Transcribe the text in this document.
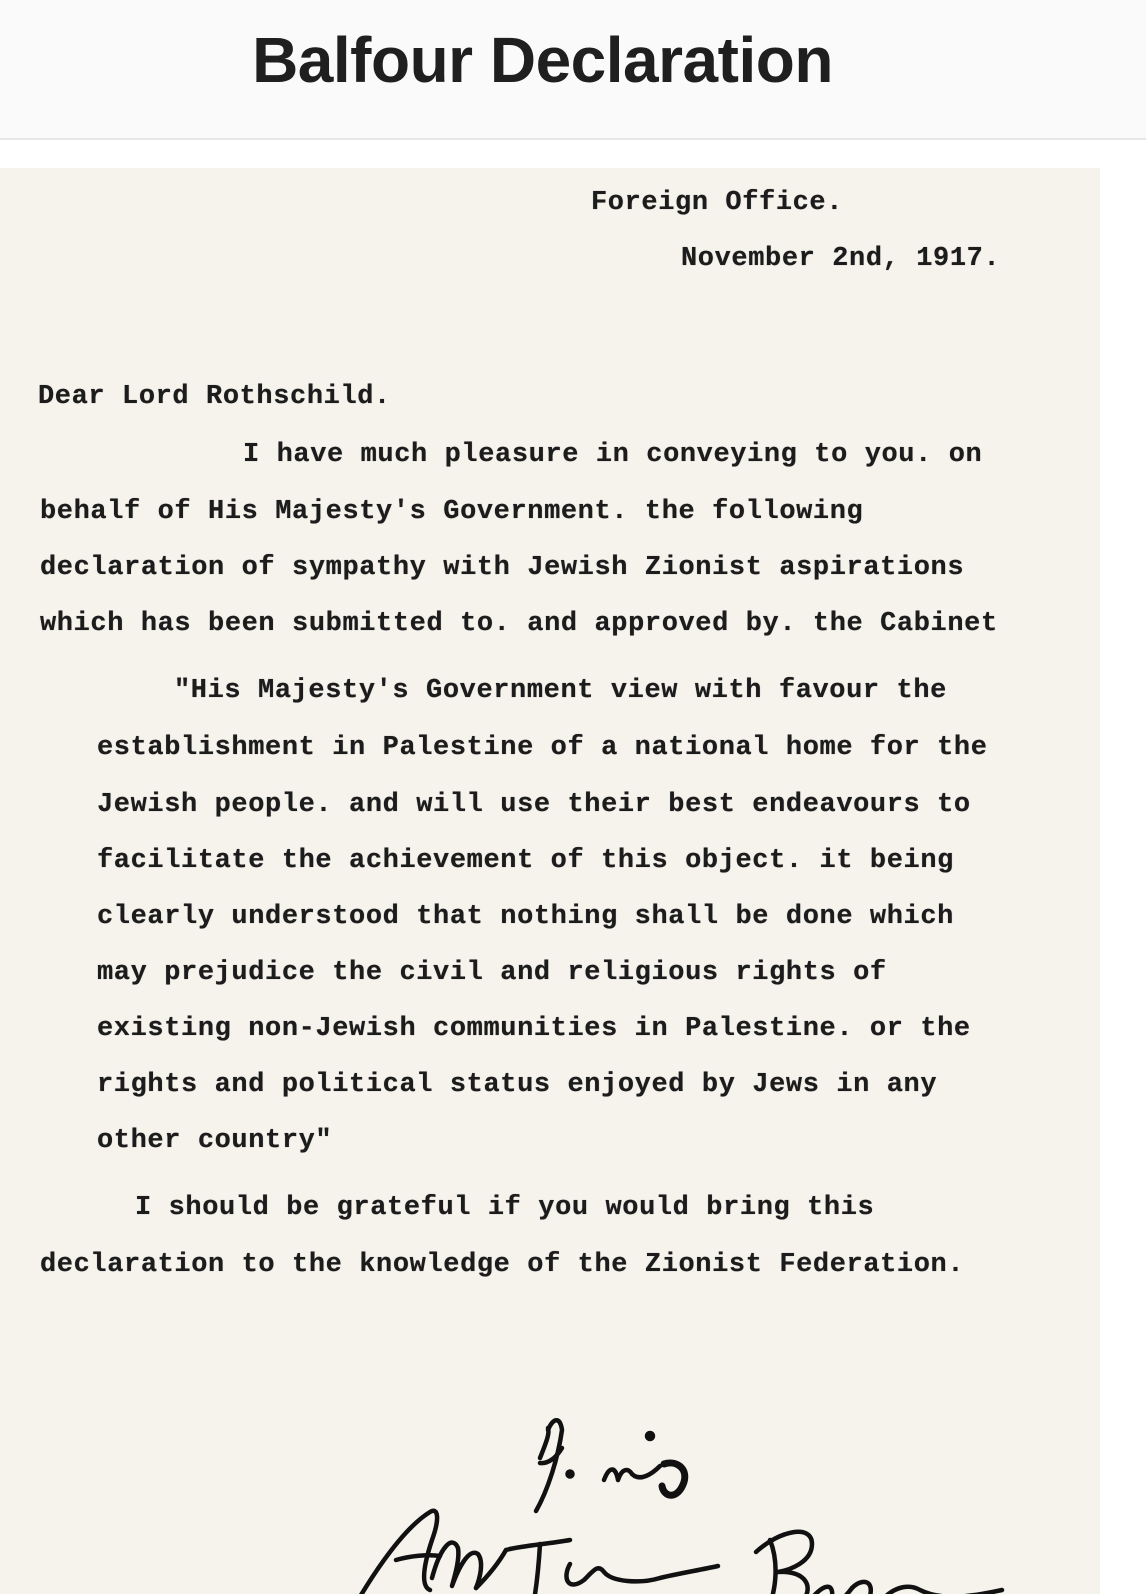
Balfour Declaration
Foreign Office.
November 2nd, 1917.
Dear Lord Rothschild.
I have much pleasure in conveying to you. on
behalf of His Majesty's Government. the following
declaration of sympathy with Jewish Zionist aspirations
which has been submitted to. and approved by. the Cabinet
"His Majesty's Government view with favour the
establishment in Palestine of a national home for the
Jewish people. and will use their best endeavours to
facilitate the achievement of this object. it being
clearly understood that nothing shall be done which
may prejudice the civil and religious rights of
existing non-Jewish communities in Palestine. or the
rights and political status enjoyed by Jews in any
other country"
I should be grateful if you would bring this
declaration to the knowledge of the Zionist Federation.
